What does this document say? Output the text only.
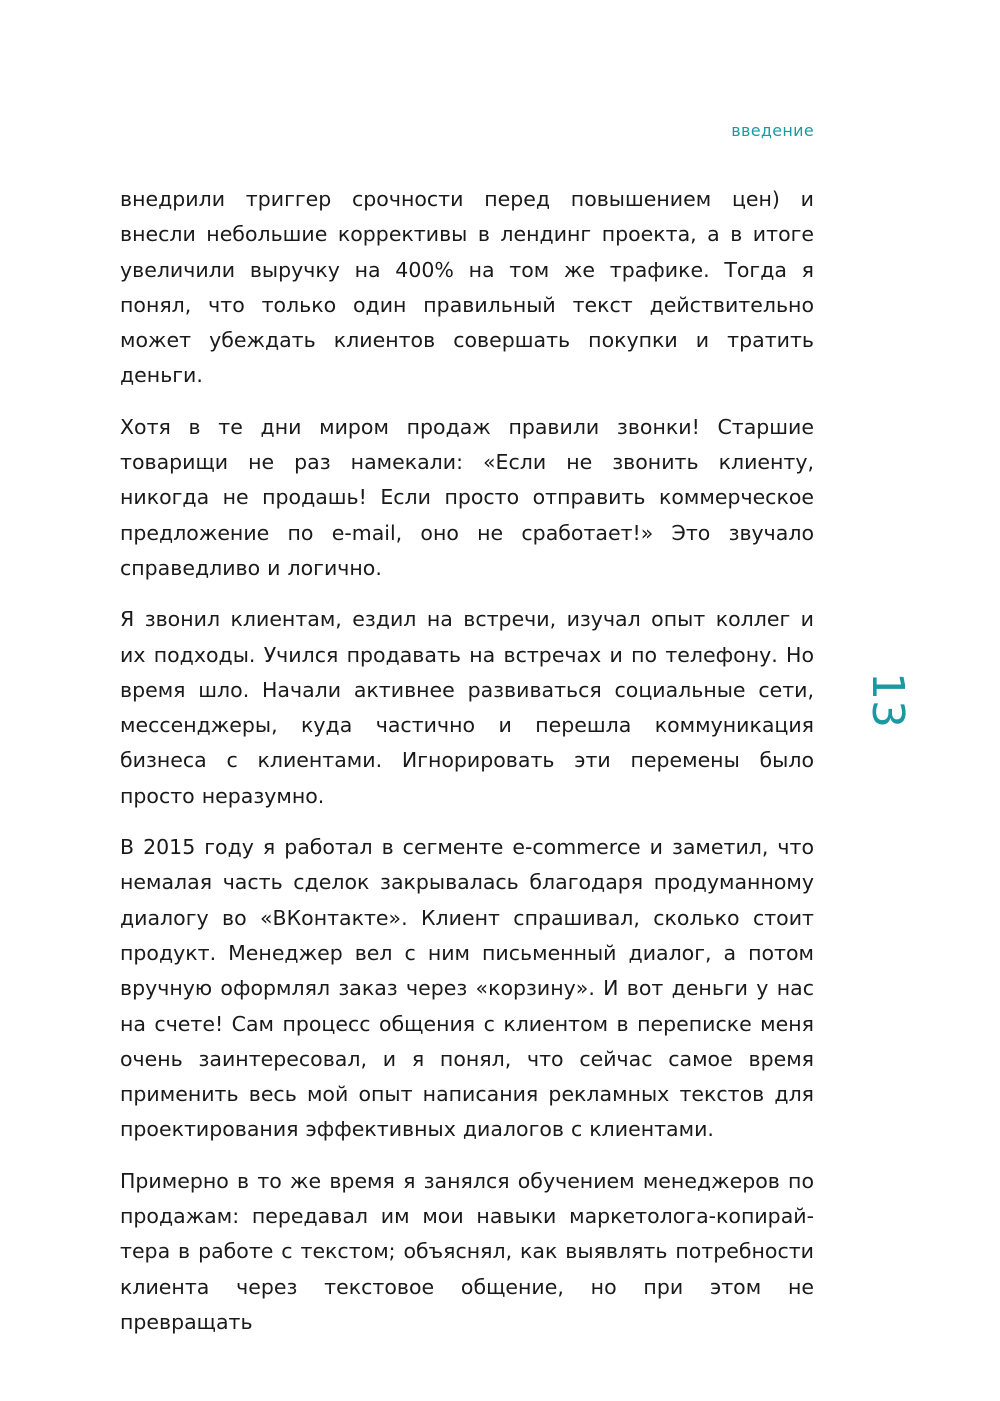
введение
13

внедрили триггер срочности перед повышением цен) и внесли небольшие коррективы в лендинг проекта, а в итоге увеличили выручку на 400% на том же трафике. Тогда я понял, что только один правильный текст действительно может убеждать клиентов совершать покупки и тратить деньги.

Хотя в те дни миром продаж правили звонки! Старшие товарищи не раз намекали: «Если не звонить клиенту, никогда не продашь! Если просто отправить коммерческое предложение по e-mail, оно не сработает!» Это звучало справедливо и логично.

Я звонил клиентам, ездил на встречи, изучал опыт коллег и их подходы. Учился продавать на встречах и по телефону. Но время шло. Начали активнее развиваться социальные сети, мессенджеры, куда частично и перешла коммуникация бизнеса с клиентами. Игнорировать эти перемены было просто неразумно.

В 2015 году я работал в сегменте e-commerce и заметил, что немалая часть сделок закрывалась благодаря продуманному диалогу во «ВКонтакте». Клиент спрашивал, сколько стоит продукт. Менеджер вел с ним письменный диалог, а потом вручную оформлял заказ через «корзину». И вот деньги у нас на счете! Сам процесс общения с клиентом в переписке меня очень заинтересовал, и я понял, что сейчас самое время применить весь мой опыт написания рекламных текстов для проектирования эффективных диалогов с клиентами.

Примерно в то же время я занялся обучением менеджеров по продажам: передавал им мои навыки маркетолога-копирайтера в работе с текстом; объяснял, как выявлять потребности клиента через текстовое общение, но при этом не превращать
